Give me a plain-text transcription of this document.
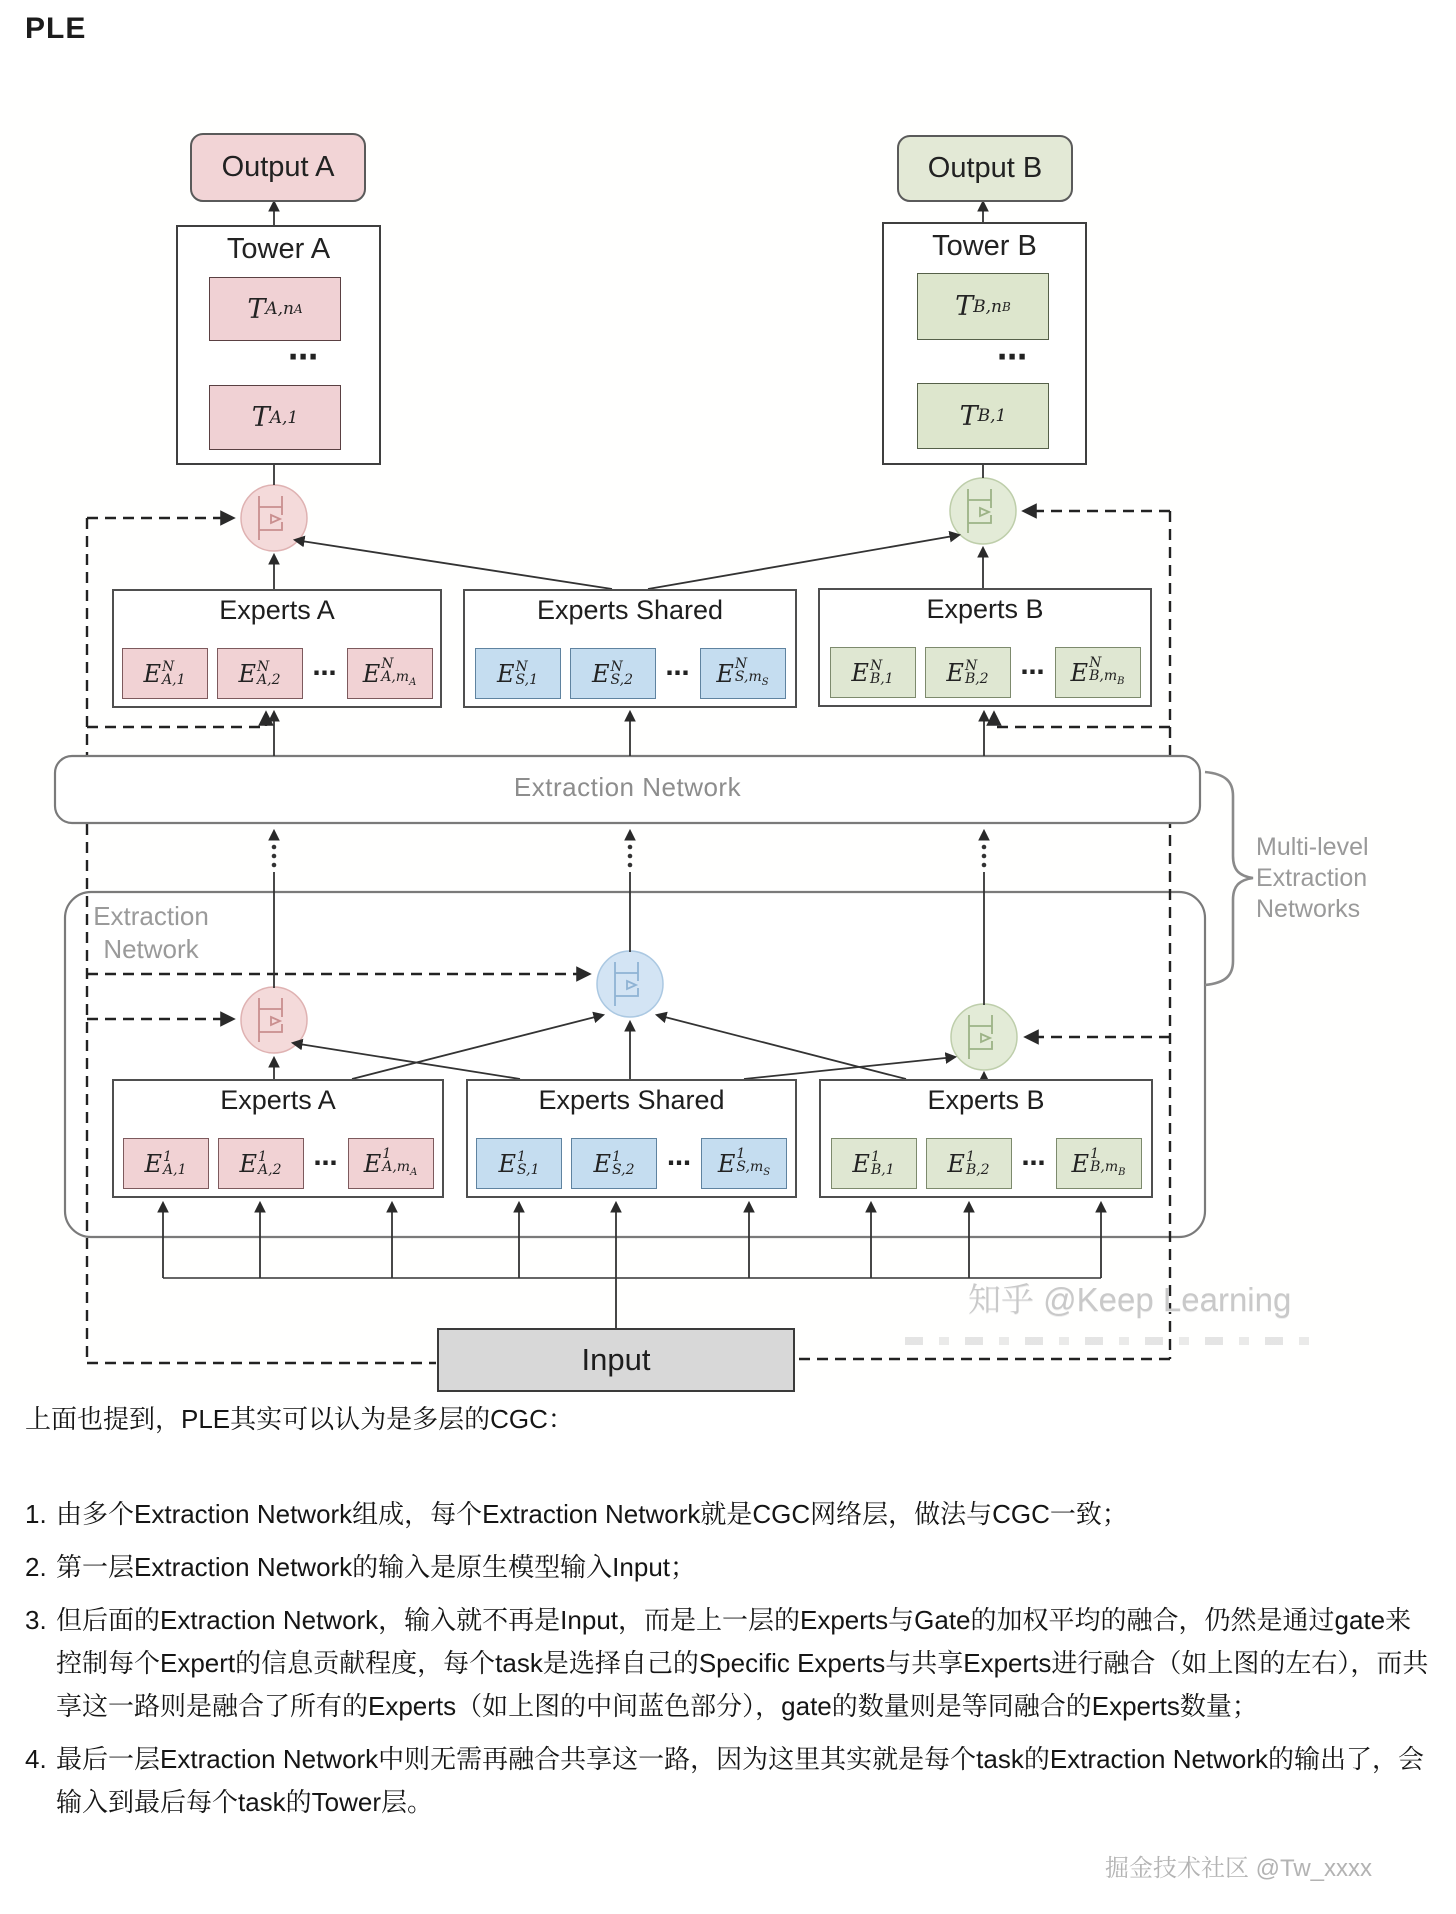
PLE
Output A	Output B
Tower A
T A,n A
⋯
T A,1
Tower B
T B,n B
⋯
T B,1
Experts A
E N
A,1 E N
A,2 ⋯ E N
$A,m_A$
Experts Shared
E N
S,1 E N
S,2 ⋯ E N
$S,m_S$
Experts B
E N
B,1 E N
B,2 ⋯ E N
$B,m_B$
Experts A
E 1
A,1 E 1
A,2 ⋯ E 1
$A,m_A$
Experts Shared
E 1
S,1 E 1
S,2 ⋯ E 1
$S,m_S$
Experts B
E 1
B,1 E 1
B,2 ⋯ E 1
$B,m_B$
Extraction Network
Extraction Network
Multi-level
Extraction
Networks
Input
知乎 @Keep Learning

上面也提到，PLE其实可以认为是多层的CGC：

1. 由多个Extraction Network组成，每个Extraction Network就是CGC网络层，做法与CGC一致；
2. 第一层Extraction Network的输入是原生模型输入Input；
3. 但后面的Extraction Network，输入就不再是Input，而是上一层的Experts与Gate的加权平均的融合，仍然是通过gate来控制每个Expert的信息贡献程度，每个task是选择自己的Specific Experts与共享Experts进行融合（如上图的左右），而共享这一路则是融合了所有的Experts（如上图的中间蓝色部分），gate的数量则是等同融合的Experts数量；
4. 最后一层Extraction Network中则无需再融合共享这一路，因为这里其实就是每个task的Extraction Network的输出了，会输入到最后每个task的Tower层。
掘金技术社区 @Tw_xxxx
